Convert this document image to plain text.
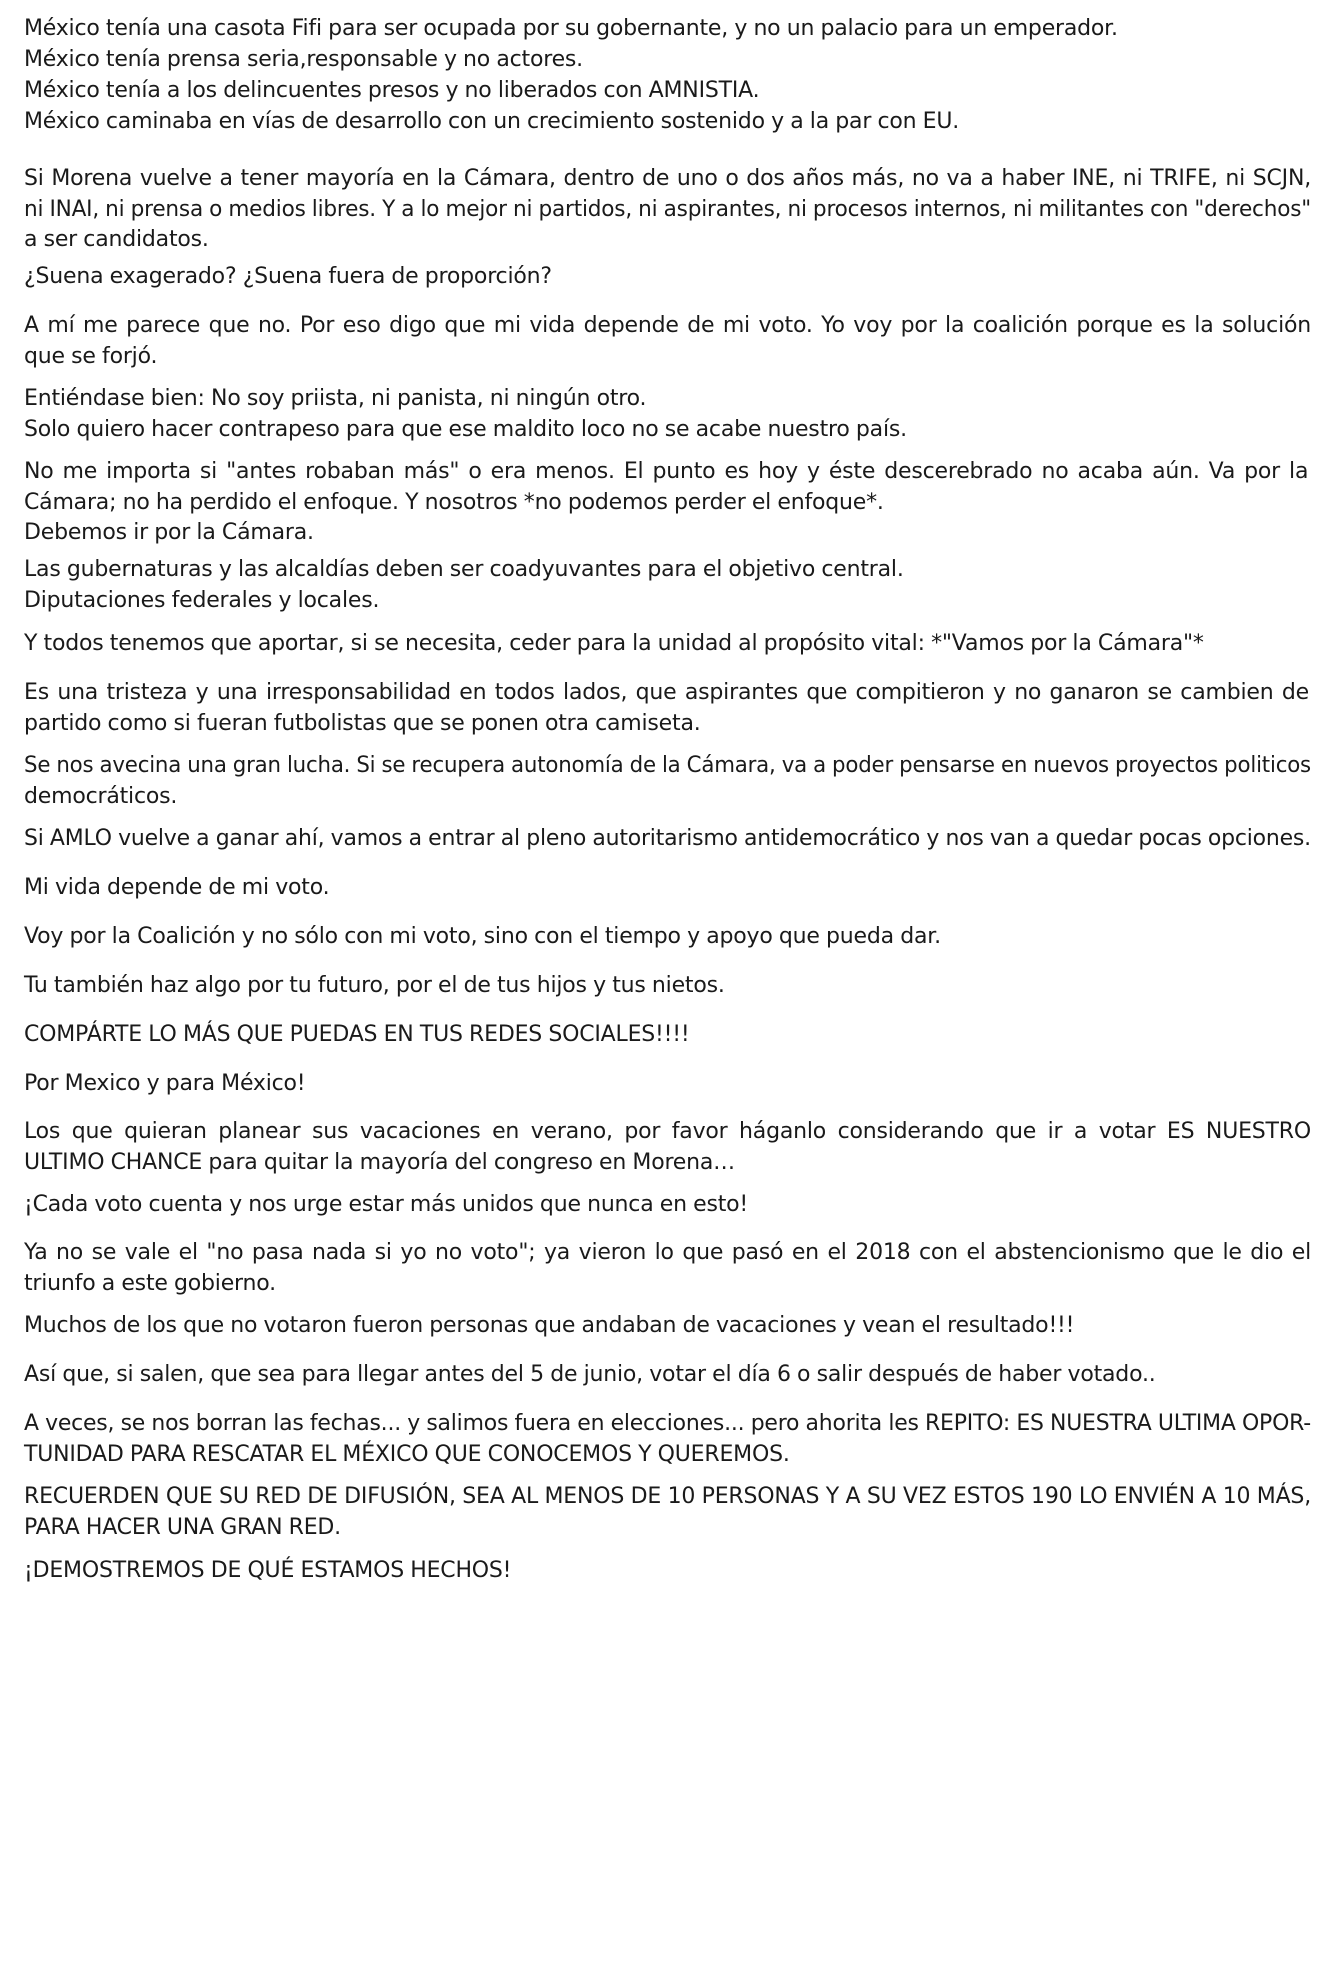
México tenía una casota Fifi para ser ocupada por su gobernante, y no un palacio para un emperador.

México tenía prensa seria,responsable y no actores.

México tenía a los delincuentes presos y no liberados con AMNISTIA.

México caminaba en vías de desarrollo con un crecimiento sostenido y a la par con EU.

Si Morena vuelve a tener mayoría en la Cámara, dentro de uno o dos años más, no va a haber INE, ni TRIFE, ni SCJN,
ni INAI, ni prensa o medios libres. Y a lo mejor ni partidos, ni aspirantes, ni procesos internos, ni militantes con "derechos"
a ser candidatos.

¿Suena exagerado? ¿Suena fuera de proporción?

A mí me parece que no. Por eso digo que mi vida depende de mi voto. Yo voy por la coalición porque es la solución
que se forjó.

Entiéndase bien: No soy priista, ni panista, ni ningún otro.
Solo quiero hacer contrapeso para que ese maldito loco no se acabe nuestro país.

No me importa si "antes robaban más" o era menos. El punto es hoy y éste descerebrado no acaba aún. Va por la
Cámara; no ha perdido el enfoque. Y nosotros *no podemos perder el enfoque*.
Debemos ir por la Cámara.

Las gubernaturas y las alcaldías deben ser coadyuvantes para el objetivo central.
Diputaciones federales y locales.

Y todos tenemos que aportar, si se necesita, ceder para la unidad al propósito vital: *"Vamos por la Cámara"*

Es una tristeza y una irresponsabilidad en todos lados, que aspirantes que compitieron y no ganaron se cambien de
partido como si fueran futbolistas que se ponen otra camiseta.

Se nos avecina una gran lucha. Si se recupera autonomía de la Cámara, va a poder pensarse en nuevos proyectos politicos
democráticos.

Si AMLO vuelve a ganar ahí, vamos a entrar al pleno autoritarismo antidemocrático y nos van a quedar pocas opciones.

Mi vida depende de mi voto.

Voy por la Coalición y no sólo con mi voto, sino con el tiempo y apoyo que pueda dar.

Tu también haz algo por tu futuro, por el de tus hijos y tus nietos.

COMPÁRTE LO MÁS QUE PUEDAS EN TUS REDES SOCIALES!!!!

Por Mexico y para México!

Los que quieran planear sus vacaciones en verano, por favor háganlo considerando que ir a votar ES NUESTRO
ULTIMO CHANCE para quitar la mayoría del congreso en Morena…

¡Cada voto cuenta y nos urge estar más unidos que nunca en esto!

Ya no se vale el "no pasa nada si yo no voto"; ya vieron lo que pasó en el 2018 con el abstencionismo que le dio el
triunfo a este gobierno.

Muchos de los que no votaron fueron personas que andaban de vacaciones y vean el resultado!!!

Así que, si salen, que sea para llegar antes del 5 de junio, votar el día 6 o salir después de haber votado..

A veces, se nos borran las fechas... y salimos fuera en elecciones... pero ahorita les REPITO: ES NUESTRA ULTIMA OPOR-
TUNIDAD PARA RESCATAR EL MÉXICO QUE CONOCEMOS Y QUEREMOS.

RECUERDEN QUE SU RED DE DIFUSIÓN, SEA AL MENOS DE 10 PERSONAS Y A SU VEZ ESTOS 190 LO ENVIÉN A 10 MÁS,
PARA HACER UNA GRAN RED.

¡DEMOSTREMOS DE QUÉ ESTAMOS HECHOS!
